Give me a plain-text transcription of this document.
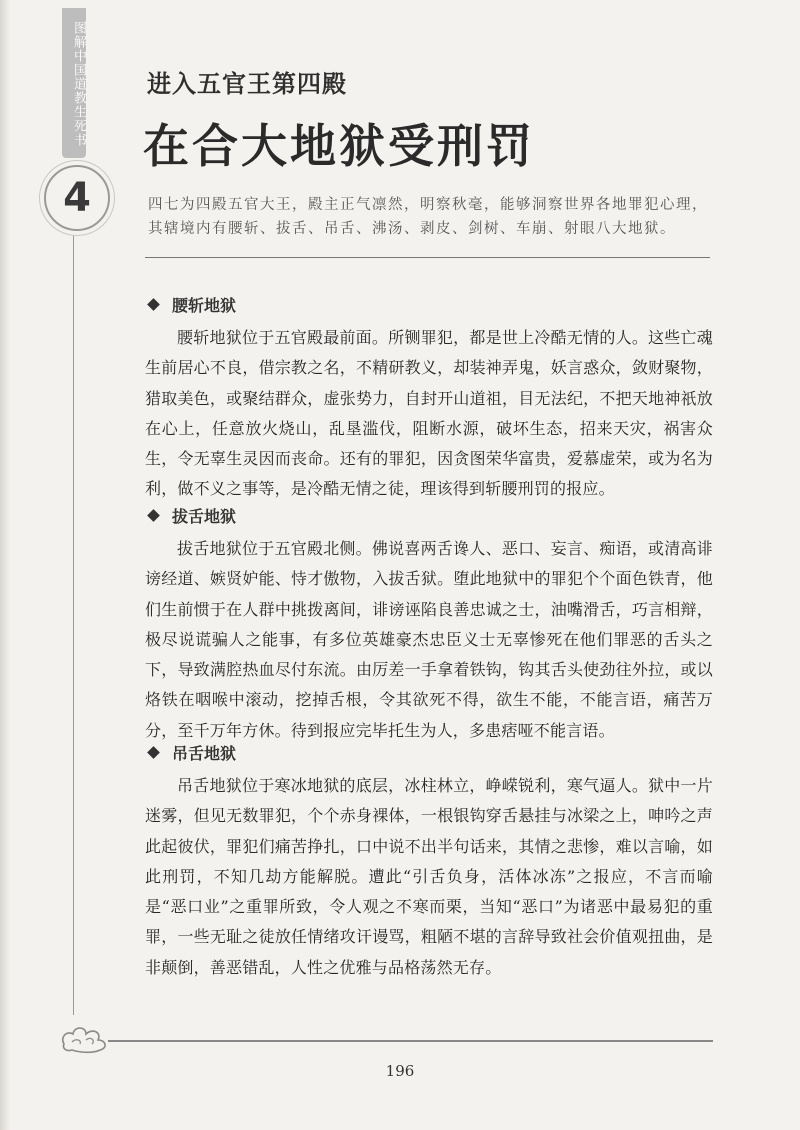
图解中国道教生死书
4
进入五官王第四殿
在合大地狱受刑罚
四七为四殿五官大王，殿主正气凛然，明察秋毫，能够洞察世界各地罪犯心理，其辖境内有腰斩、拔舌、吊舌、沸汤、剥皮、剑树、车崩、射眼八大地狱。
腰斩地狱
腰斩地狱位于五官殿最前面。所铡罪犯，都是世上冷酷无情的人。这些亡魂生前居心不良，借宗教之名，不精研教义，却装神弄鬼，妖言惑众，敛财聚物，猎取美色，或聚结群众，虚张势力，自封开山道祖，目无法纪，不把天地神祇放在心上，任意放火烧山，乱垦滥伐，阻断水源，破坏生态，招来天灾，祸害众生，令无辜生灵因而丧命。还有的罪犯，因贪图荣华富贵，爱慕虚荣，或为名为利，做不义之事等，是冷酷无情之徒，理该得到斩腰刑罚的报应。
拔舌地狱
拔舌地狱位于五官殿北侧。佛说喜两舌谗人、恶口、妄言、痴语，或清高诽谤经道、嫉贤妒能、恃才傲物，入拔舌狱。堕此地狱中的罪犯个个面色铁青，他们生前惯于在人群中挑拨离间，诽谤诬陷良善忠诚之士，油嘴滑舌，巧言相辩，极尽说谎骗人之能事，有多位英雄豪杰忠臣义士无辜惨死在他们罪恶的舌头之下，导致满腔热血尽付东流。由厉差一手拿着铁钩，钩其舌头使劲往外拉，或以烙铁在咽喉中滚动，挖掉舌根，令其欲死不得，欲生不能，不能言语，痛苦万分，至千万年方休。待到报应完毕托生为人，多患痞哑不能言语。
吊舌地狱
吊舌地狱位于寒冰地狱的底层，冰柱林立，峥嵘锐利，寒气逼人。狱中一片迷雾，但见无数罪犯，个个赤身裸体，一根银钩穿舌悬挂与冰梁之上，呻吟之声此起彼伏，罪犯们痛苦挣扎，口中说不出半句话来，其情之悲惨，难以言喻，如此刑罚，不知几劫方能解脱。遭此“引舌负身，活体冰冻”之报应，不言而喻是“恶口业”之重罪所致，令人观之不寒而栗，当知“恶口”为诸恶中最易犯的重罪，一些无耻之徒放任情绪攻讦谩骂，粗陋不堪的言辞导致社会价值观扭曲，是非颠倒，善恶错乱，人性之优雅与品格荡然无存。
196
